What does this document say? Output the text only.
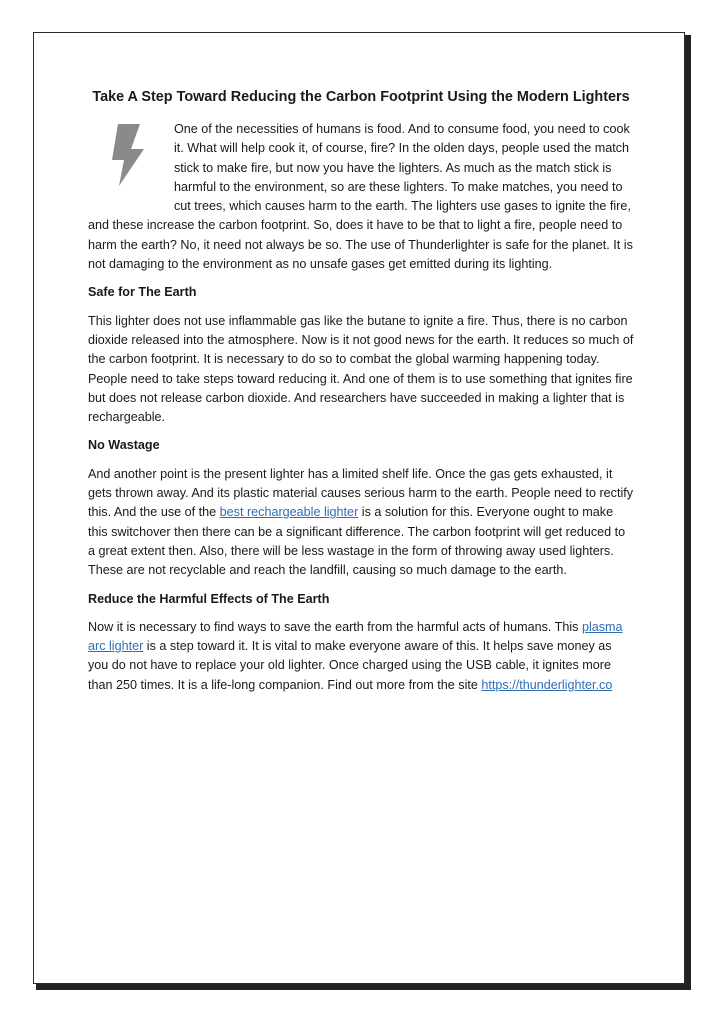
Take A Step Toward Reducing the Carbon Footprint Using the Modern Lighters

One of the necessities of humans is food. And to consume food, you need to cook it. What will help cook it, of course, fire? In the olden days, people used the match stick to make fire, but now you have the lighters. As much as the match stick is harmful to the environment, so are these lighters. To make matches, you need to cut trees, which causes harm to the earth. The lighters use gases to ignite the fire, and these increase the carbon footprint. So, does it have to be that to light a fire, people need to harm the earth? No, it need not always be so. The use of Thunderlighter is safe for the planet. It is not damaging to the environment as no unsafe gases get emitted during its lighting.

Safe for The Earth

This lighter does not use inflammable gas like the butane to ignite a fire. Thus, there is no carbon dioxide released into the atmosphere. Now is it not good news for the earth. It reduces so much of the carbon footprint. It is necessary to do so to combat the global warming happening today. People need to take steps toward reducing it. And one of them is to use something that ignites fire but does not release carbon dioxide. And researchers have succeeded in making a lighter that is rechargeable.

No Wastage

And another point is the present lighter has a limited shelf life. Once the gas gets exhausted, it gets thrown away. And its plastic material causes serious harm to the earth. People need to rectify this. And the use of the best rechargeable lighter is a solution for this. Everyone ought to make this switchover then there can be a significant difference. The carbon footprint will get reduced to a great extent then. Also, there will be less wastage in the form of throwing away used lighters. These are not recyclable and reach the landfill, causing so much damage to the earth.

Reduce the Harmful Effects of The Earth

Now it is necessary to find ways to save the earth from the harmful acts of humans. This plasma arc lighter is a step toward it. It is vital to make everyone aware of this. It helps save money as you do not have to replace your old lighter. Once charged using the USB cable, it ignites more than 250 times. It is a life-long companion. Find out more from the site https://thunderlighter.co
